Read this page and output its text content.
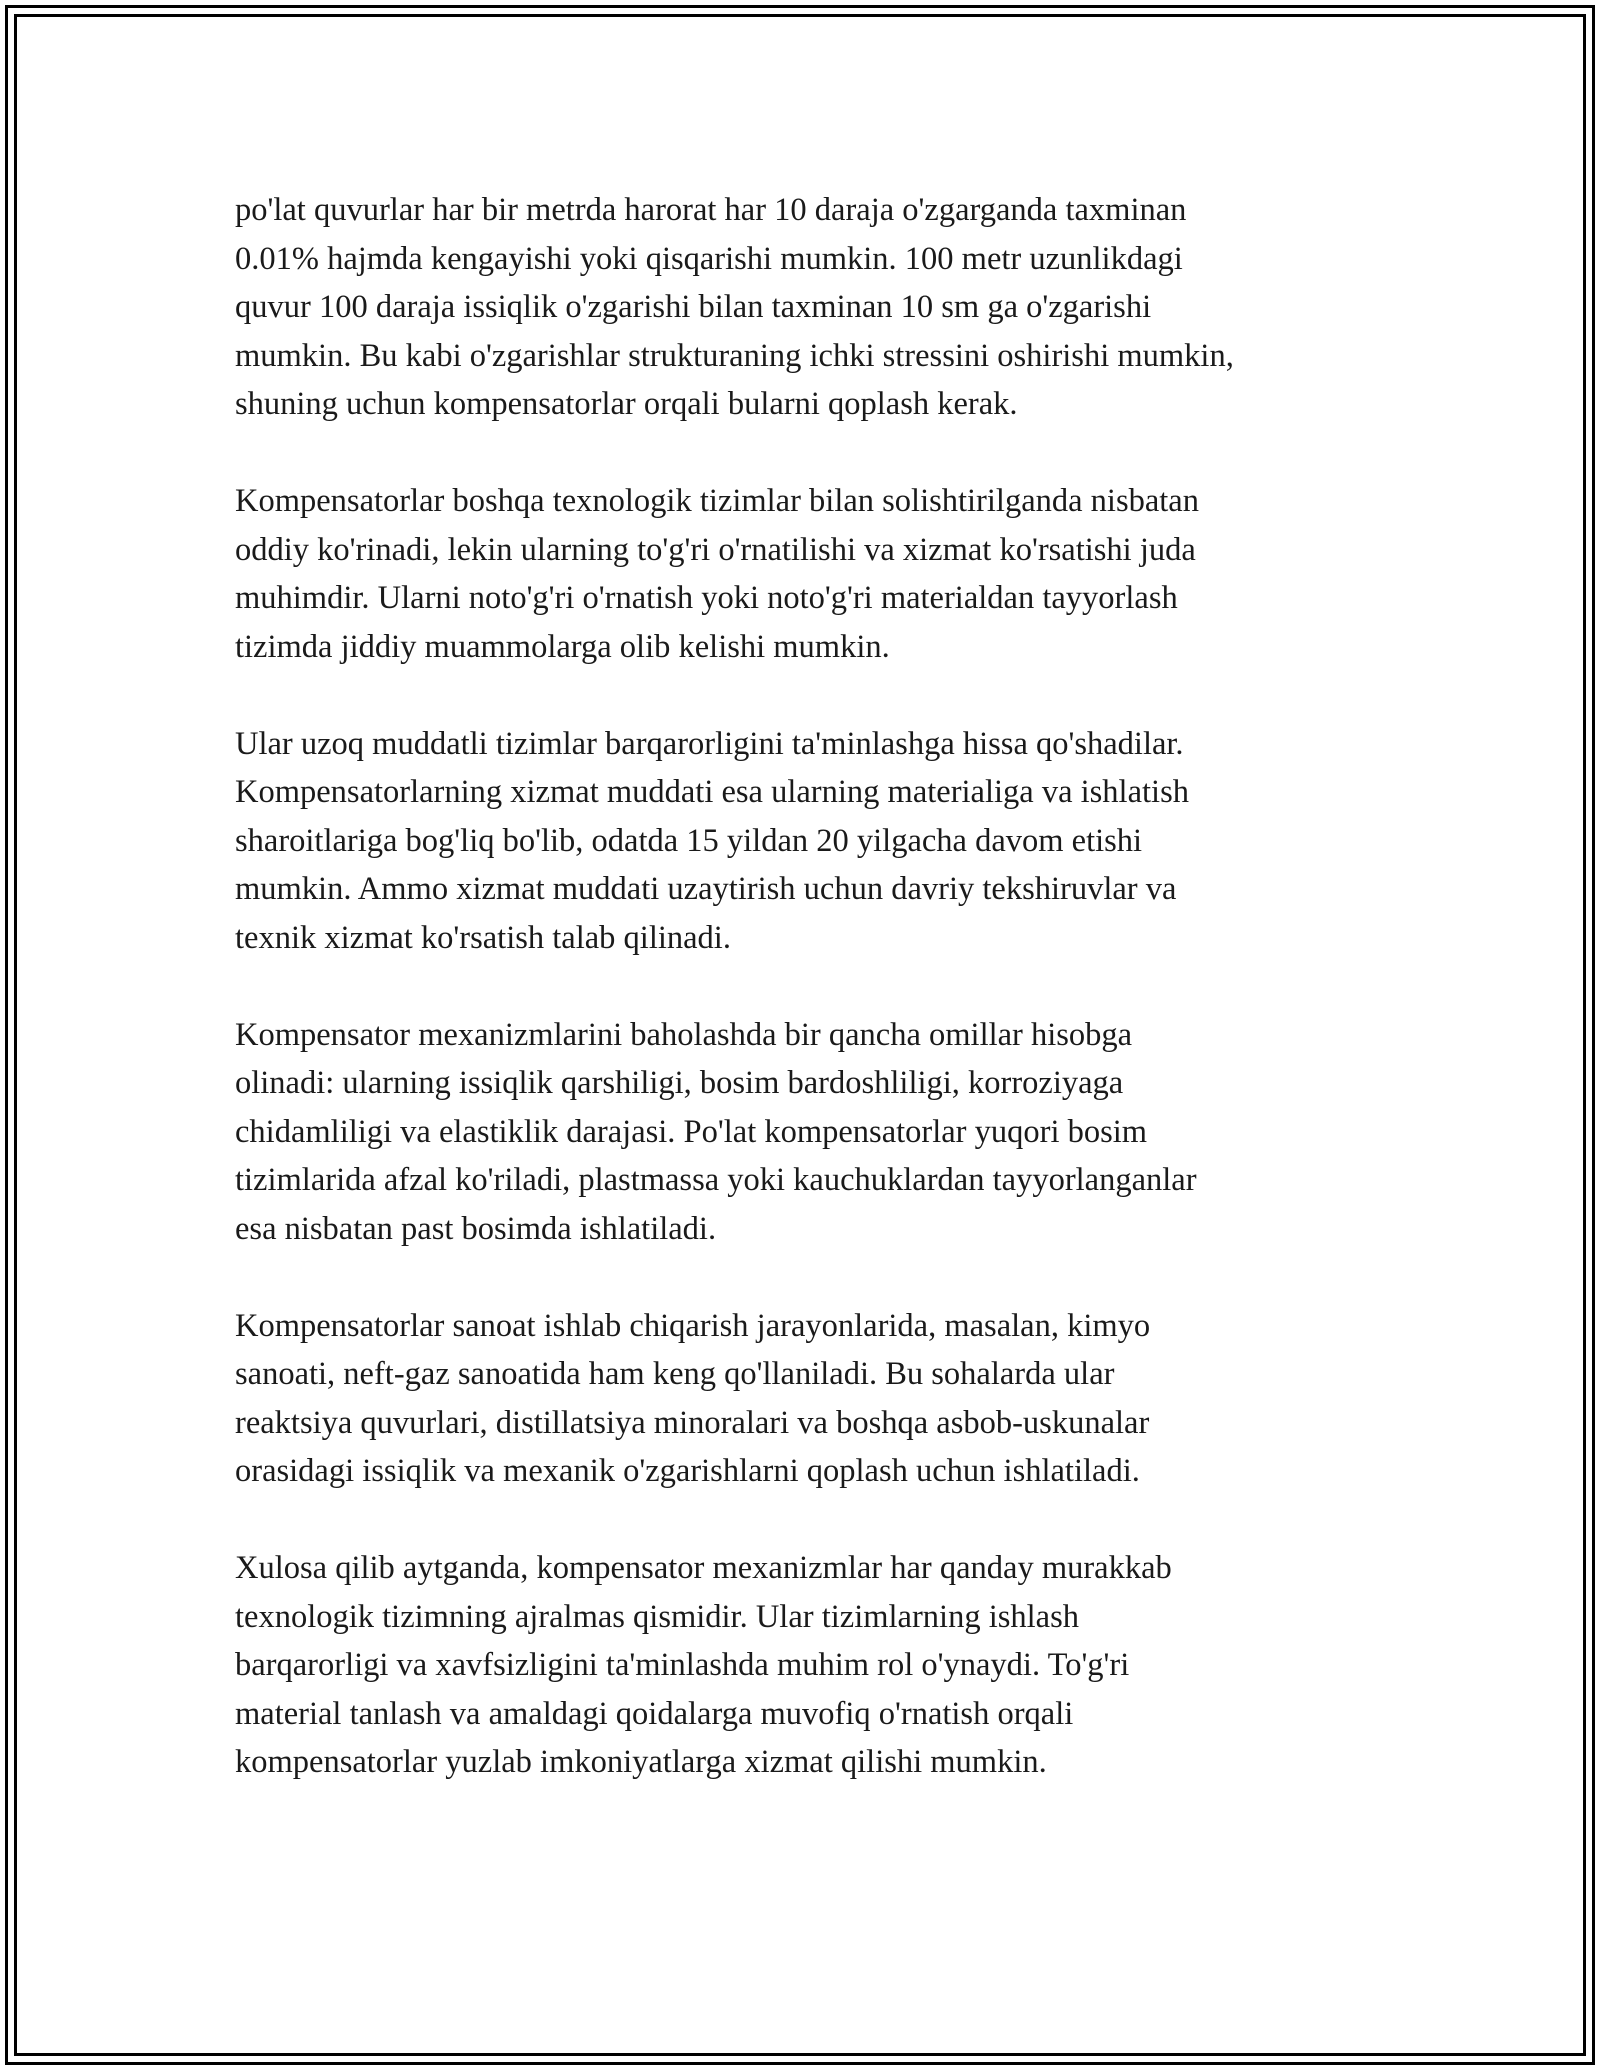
po'lat quvurlar har bir metrda harorat har 10 daraja o'zgarganda taxminan
0.01% hajmda kengayishi yoki qisqarishi mumkin. 100 metr uzunlikdagi
quvur 100 daraja issiqlik o'zgarishi bilan taxminan 10 sm ga o'zgarishi
mumkin. Bu kabi o'zgarishlar strukturaning ichki stressini oshirishi mumkin,
shuning uchun kompensatorlar orqali bularni qoplash kerak.

Kompensatorlar boshqa texnologik tizimlar bilan solishtirilganda nisbatan
oddiy ko'rinadi, lekin ularning to'g'ri o'rnatilishi va xizmat ko'rsatishi juda
muhimdir. Ularni noto'g'ri o'rnatish yoki noto'g'ri materialdan tayyorlash
tizimda jiddiy muammolarga olib kelishi mumkin.

Ular uzoq muddatli tizimlar barqarorligini ta'minlashga hissa qo'shadilar.
Kompensatorlarning xizmat muddati esa ularning materialiga va ishlatish
sharoitlariga bog'liq bo'lib, odatda 15 yildan 20 yilgacha davom etishi
mumkin. Ammo xizmat muddati uzaytirish uchun davriy tekshiruvlar va
texnik xizmat ko'rsatish talab qilinadi.

Kompensator mexanizmlarini baholashda bir qancha omillar hisobga
olinadi: ularning issiqlik qarshiligi, bosim bardoshliligi, korroziyaga
chidamliligi va elastiklik darajasi. Po'lat kompensatorlar yuqori bosim
tizimlarida afzal ko'riladi, plastmassa yoki kauchuklardan tayyorlanganlar
esa nisbatan past bosimda ishlatiladi.

Kompensatorlar sanoat ishlab chiqarish jarayonlarida, masalan, kimyo
sanoati, neft-gaz sanoatida ham keng qo'llaniladi. Bu sohalarda ular
reaktsiya quvurlari, distillatsiya minoralari va boshqa asbob-uskunalar
orasidagi issiqlik va mexanik o'zgarishlarni qoplash uchun ishlatiladi.

Xulosa qilib aytganda, kompensator mexanizmlar har qanday murakkab
texnologik tizimning ajralmas qismidir. Ular tizimlarning ishlash
barqarorligi va xavfsizligini ta'minlashda muhim rol o'ynaydi. To'g'ri
material tanlash va amaldagi qoidalarga muvofiq o'rnatish orqali
kompensatorlar yuzlab imkoniyatlarga xizmat qilishi mumkin.
